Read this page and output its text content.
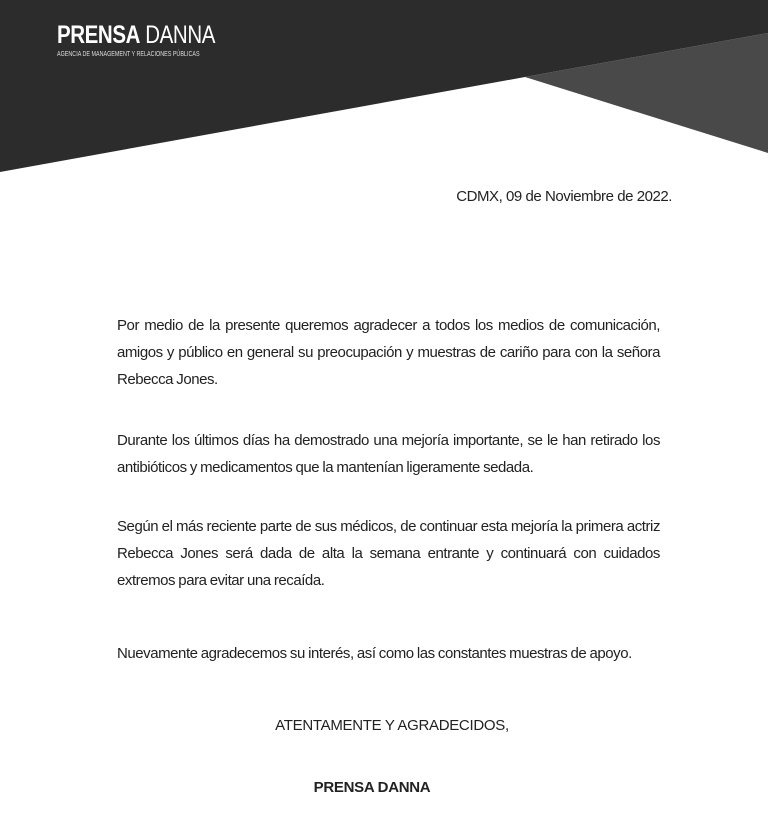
PRENSA DANNA
AGENCIA DE MANAGEMENT Y RELACIONES PÚBLICAS
CDMX, 09 de Noviembre de 2022.
Por medio de la presente queremos agradecer a todos los medios de comunicación,
amigos y público en general su preocupación y muestras de cariño para con la señora
Rebecca Jones.
Durante los últimos días ha demostrado una mejoría importante, se le han retirado los
antibióticos y medicamentos que la mantenían ligeramente sedada.
Según el más reciente parte de sus médicos, de continuar esta mejoría la primera actriz
Rebecca Jones será dada de alta la semana entrante y continuará con cuidados
extremos para evitar una recaída.
Nuevamente agradecemos su interés, así como las constantes muestras de apoyo.
ATENTAMENTE Y AGRADECIDOS,
PRENSA DANNA
